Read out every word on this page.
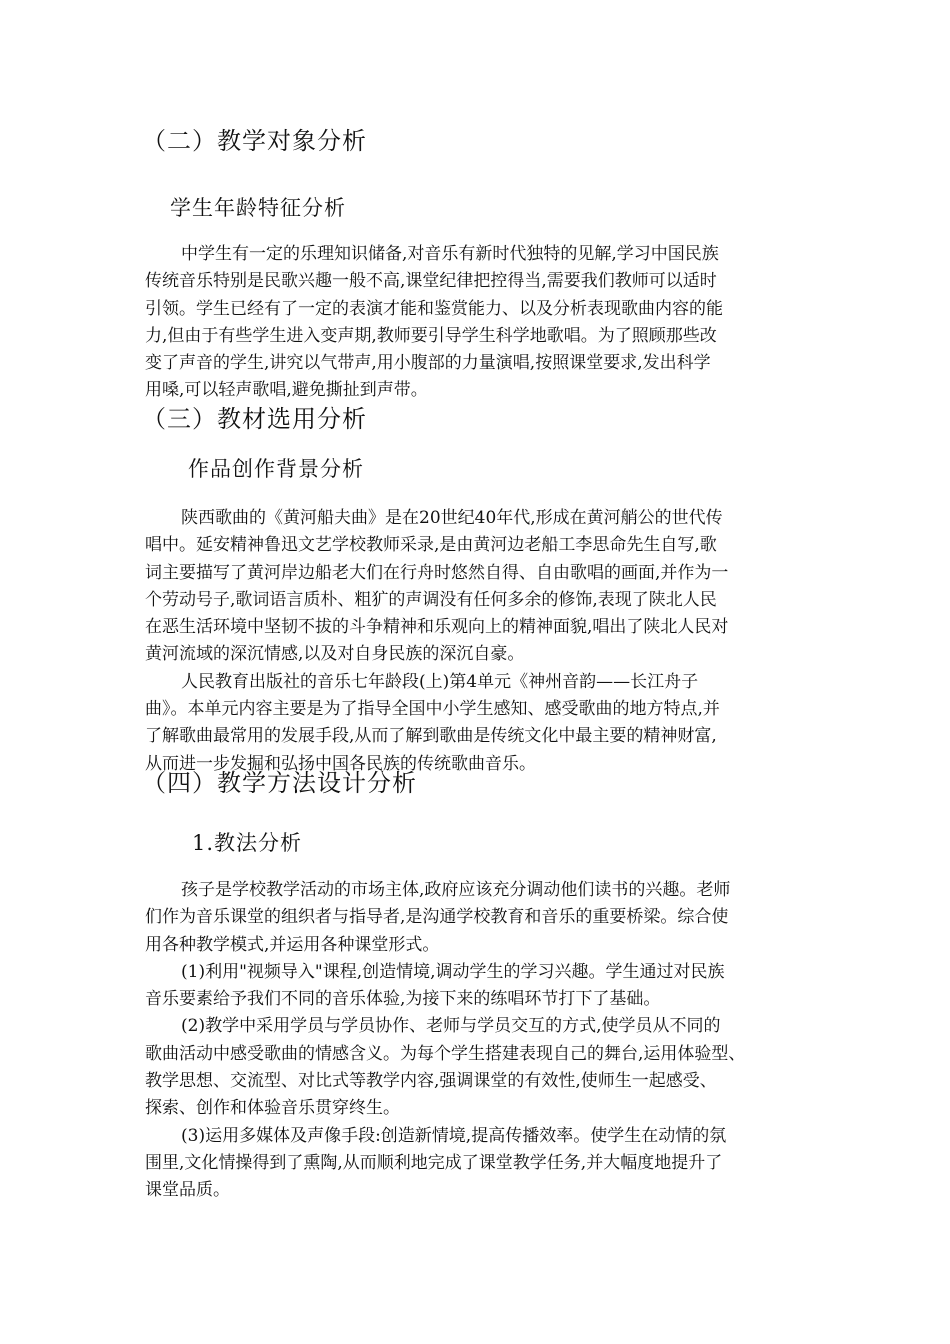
（二）教学对象分析
学生年龄特征分析
中学生有一定的乐理知识储备,对音乐有新时代独特的见解,学习中国民族
传统音乐特别是民歌兴趣一般不高,课堂纪律把控得当,需要我们教师可以适时
引领。学生已经有了一定的表演才能和鉴赏能力、以及分析表现歌曲内容的能
力,但由于有些学生进入变声期,教师要引导学生科学地歌唱。为了照顾那些改
变了声音的学生,讲究以气带声,用小腹部的力量演唱,按照课堂要求,发出科学
用嗓,可以轻声歌唱,避免撕扯到声带。
（三）教材选用分析
作品创作背景分析
陕西歌曲的《黄河船夫曲》是在20世纪40年代,形成在黄河艄公的世代传
唱中。延安精神鲁迅文艺学校教师采录,是由黄河边老船工李思命先生自写,歌
词主要描写了黄河岸边船老大们在行舟时悠然自得、自由歌唱的画面,并作为一
个劳动号子,歌词语言质朴、粗犷的声调没有任何多余的修饰,表现了陕北人民
在恶生活环境中坚韧不拔的斗争精神和乐观向上的精神面貌,唱出了陕北人民对
黄河流域的深沉情感,以及对自身民族的深沉自豪。
人民教育出版社的音乐七年龄段(上)第4单元《神州音韵——长江舟子
曲》。本单元内容主要是为了指导全国中小学生感知、感受歌曲的地方特点,并
了解歌曲最常用的发展手段,从而了解到歌曲是传统文化中最主要的精神财富,
从而进一步发掘和弘扬中国各民族的传统歌曲音乐。
（四）教学方法设计分析
1.教法分析
孩子是学校教学活动的市场主体,政府应该充分调动他们读书的兴趣。老师
们作为音乐课堂的组织者与指导者,是沟通学校教育和音乐的重要桥梁。综合使
用各种教学模式,并运用各种课堂形式。
(1)利用"视频导入"课程,创造情境,调动学生的学习兴趣。学生通过对民族
音乐要素给予我们不同的音乐体验,为接下来的练唱环节打下了基础。
(2)教学中采用学员与学员协作、老师与学员交互的方式,使学员从不同的
歌曲活动中感受歌曲的情感含义。为每个学生搭建表现自己的舞台,运用体验型、
教学思想、交流型、对比式等教学内容,强调课堂的有效性,使师生一起感受、
探索、创作和体验音乐贯穿终生。
(3)运用多媒体及声像手段:创造新情境,提高传播效率。使学生在动情的氛
围里,文化情操得到了熏陶,从而顺利地完成了课堂教学任务,并大幅度地提升了
课堂品质。
